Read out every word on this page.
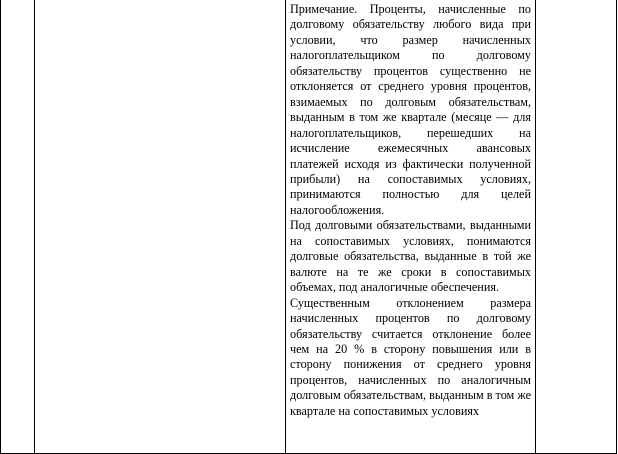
Примечание. Проценты, начисленные по долговому обязательству любого вида при условии, что размер начисленных налогоплательщиком по долговому обязательству процентов существенно не отклоняется от среднего уровня процентов, взимаемых по долговым обязательствам, выданным в том же квартале (месяце — для налогоплательщиков, перешедших на исчисление ежемесячных авансовых платежей исходя из фактически полученной прибыли) на сопоставимых условиях, принимаются полностью для целей налогообложения.

Под долговыми обязательствами, выданными на сопоставимых условиях, понимаются долговые обязательства, выданные в той же валюте на те же сроки в сопоставимых объемах, под аналогичные обеспечения.

Существенным отклонением размера начисленных процентов по долговому обязательству считается отклонение более чем на 20 % в сторону повышения или в сторону понижения от среднего уровня процентов, начисленных по аналогичным долговым обязательствам, выданным в том же квартале на сопоставимых условиях
